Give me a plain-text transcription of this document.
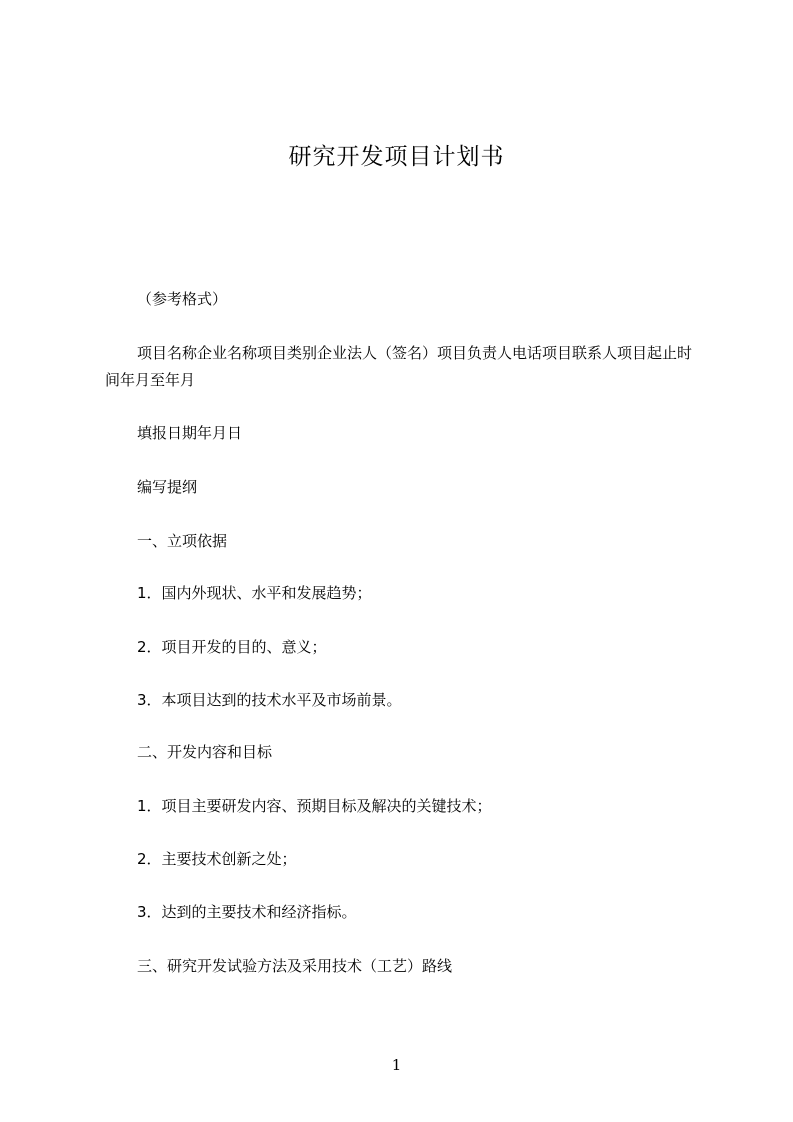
研究开发项目计划书
（参考格式）
项目名称企业名称项目类别企业法人（签名）项目负责人电话项目联系人项目起止时间年月至年月
填报日期年月日
编写提纲
一、立项依据
1．国内外现状、水平和发展趋势；
2．项目开发的目的、意义；
3．本项目达到的技术水平及市场前景。
二、开发内容和目标
1．项目主要研发内容、预期目标及解决的关键技术；
2．主要技术创新之处；
3．达到的主要技术和经济指标。
三、研究开发试验方法及采用技术（工艺）路线
1
